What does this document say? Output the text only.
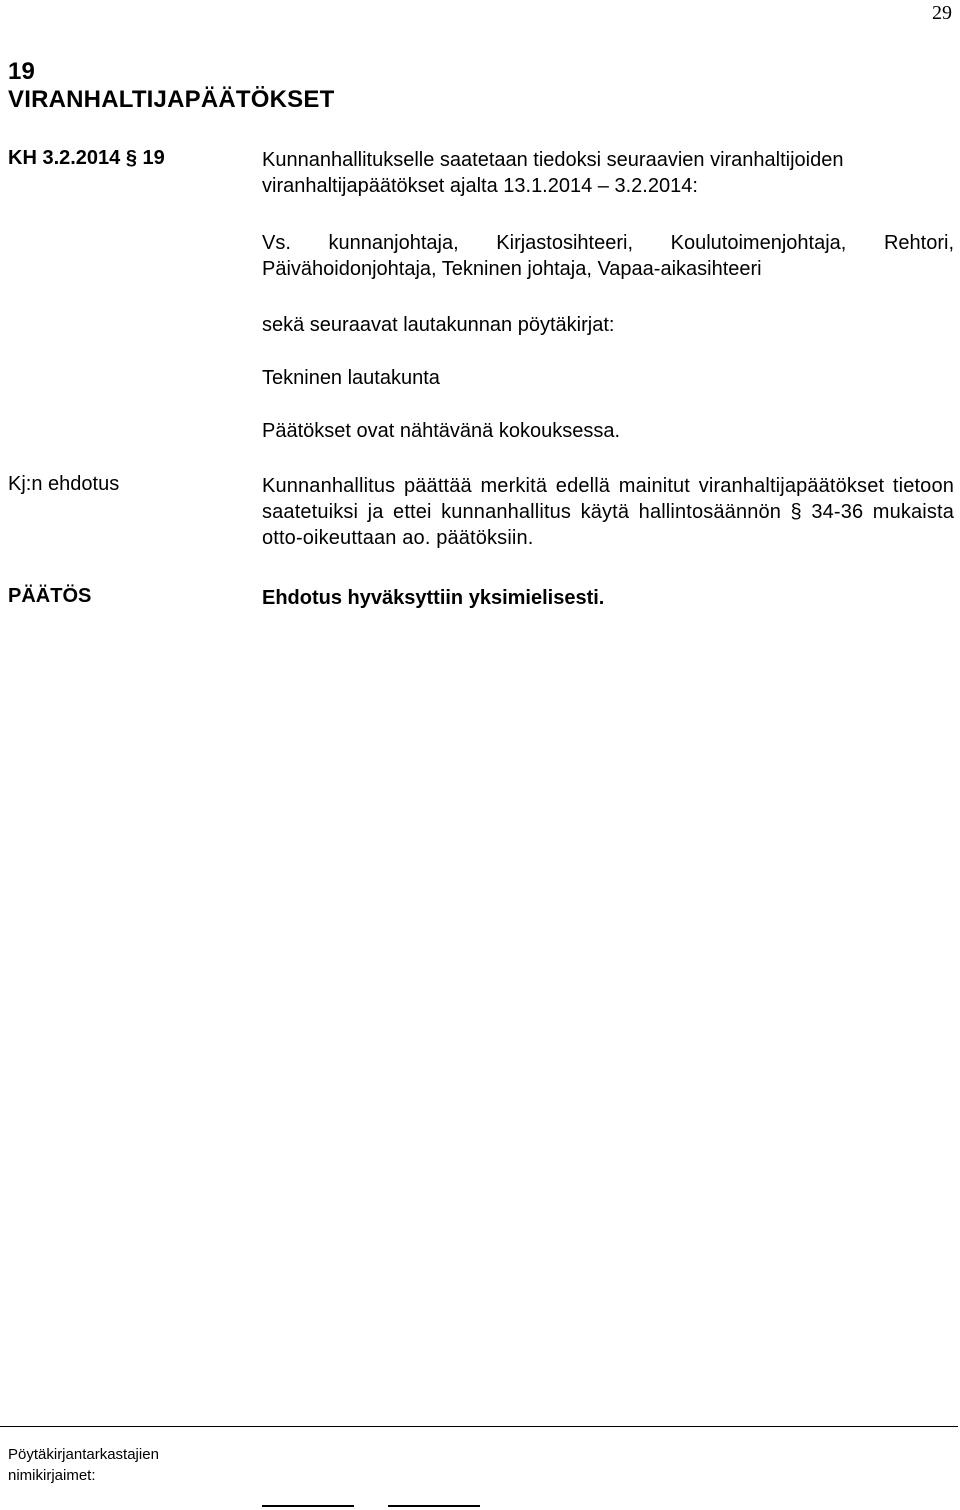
29
19
VIRANHALTIJAPÄÄTÖKSET
KH 3.2.2014 § 19	Kunnanhallitukselle saatetaan tiedoksi seuraavien viranhaltijoiden viranhaltijapäätökset ajalta 13.1.2014 – 3.2.2014:
Vs. kunnanjohtaja, Kirjastosihteeri, Koulutoimenjohtaja, Rehtori, Päivähoidonjohtaja, Tekninen johtaja, Vapaa-aikasihteeri
sekä seuraavat lautakunnan pöytäkirjat:
Tekninen lautakunta
Päätökset ovat nähtävänä kokouksessa.
Kj:n ehdotus	Kunnanhallitus päättää merkitä edellä mainitut viranhaltijapäätökset tietoon saatetuiksi ja ettei kunnanhallitus käytä hallintosäännön § 34-36 mukaista otto-oikeuttaan ao. päätöksiin.
PÄÄTÖS	Ehdotus hyväksyttiin yksimielisesti.
Pöytäkirjantarkastajien nimikirjaimet:
